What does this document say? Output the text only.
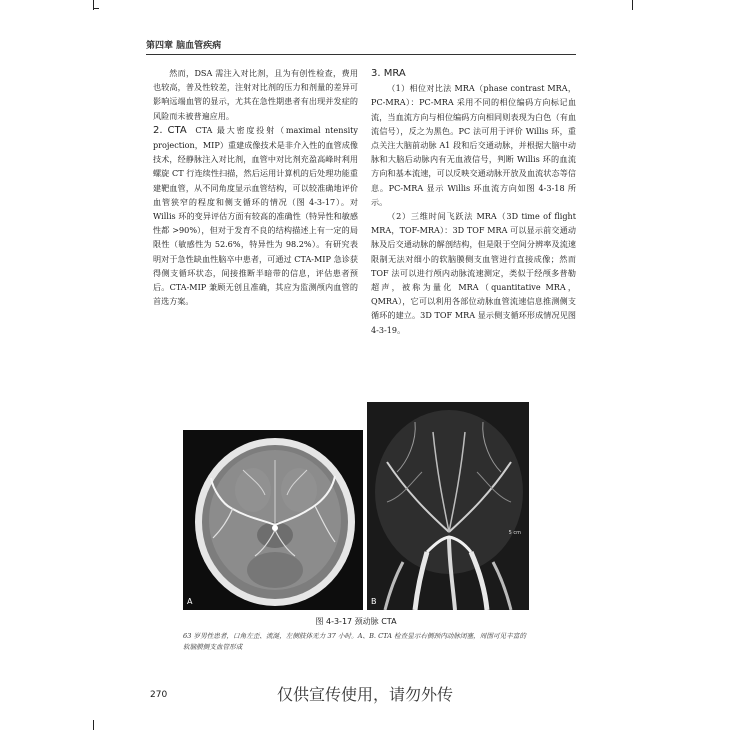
第四章 脑血管疾病

然而，DSA 需注入对比剂，且为有创性检查，费用也较高，普及性较差，注射对比剂的压力和剂量的差异可影响远端血管的显示，尤其在急性期患者有出现并发症的风险而未被普遍应用。

2. CTA CTA 最大密度投射（maximal ntensity projection，MIP）重建成像技术是非介入性的血管成像技术，经静脉注入对比剂，血管中对比剂充盈高峰时利用螺旋 CT 行连续性扫描，然后运用计算机的后处理功能重建靶血管，从不同角度显示血管结构，可以较准确地评价血管狭窄的程度和侧支循环的情况（图 4-3-17）。对 Willis 环的变异评估方面有较高的准确性（特异性和敏感性都 >90%），但对于发育不良的结构描述上有一定的局限性（敏感性为 52.6%，特异性为 98.2%）。有研究表明对于急性缺血性脑卒中患者，可通过 CTA-MIP 急诊获得侧支循环状态，间接推断半暗带的信息，评估患者预后。CTA-MIP 兼顾无创且准确，其应为监测颅内血管的首选方案。

3. MRA

（1）相位对比法 MRA（phase contrast MRA，PC-MRA）：PC-MRA 采用不同的相位编码方向标记血流，当血流方向与相位编码方向相同则表现为白色（有血流信号），反之为黑色。PC 法可用于评价 Willis 环，重点关注大脑前动脉 A1 段和后交通动脉，并根据大脑中动脉和大脑后动脉内有无血液信号，判断 Willis 环的血流方向和基本流速，可以反映交通动脉开放及血流状态等信息。PC-MRA 显示 Willis 环血流方向如图 4-3-18 所示。

（2）三维时间飞跃法 MRA（3D time of flight MRA，TOF-MRA）：3D TOF MRA 可以显示前交通动脉及后交通动脉的解剖结构，但是限于空间分辨率及流速限制无法对细小的软脑膜侧支血管进行直接成像；然而 TOF 法可以进行颅内动脉流速测定，类似于经颅多普勒超声，被称为量化 MRA（quantitative MRA，QMRA），它可以利用各部位动脉血管流速信息推测侧支循环的建立。3D TOF MRA 显示侧支循环形成情况见图 4-3-19。

A	B
5 cm
图 4-3-17 颈动脉 CTA
63 岁男性患者，口角左歪、流涎，左侧肢体无力 37 小时。A、B. CTA 检查显示右侧颈内动脉闭塞，周围可见丰富的软脑膜侧支血管形成
270	仅供宣传使用，请勿外传
